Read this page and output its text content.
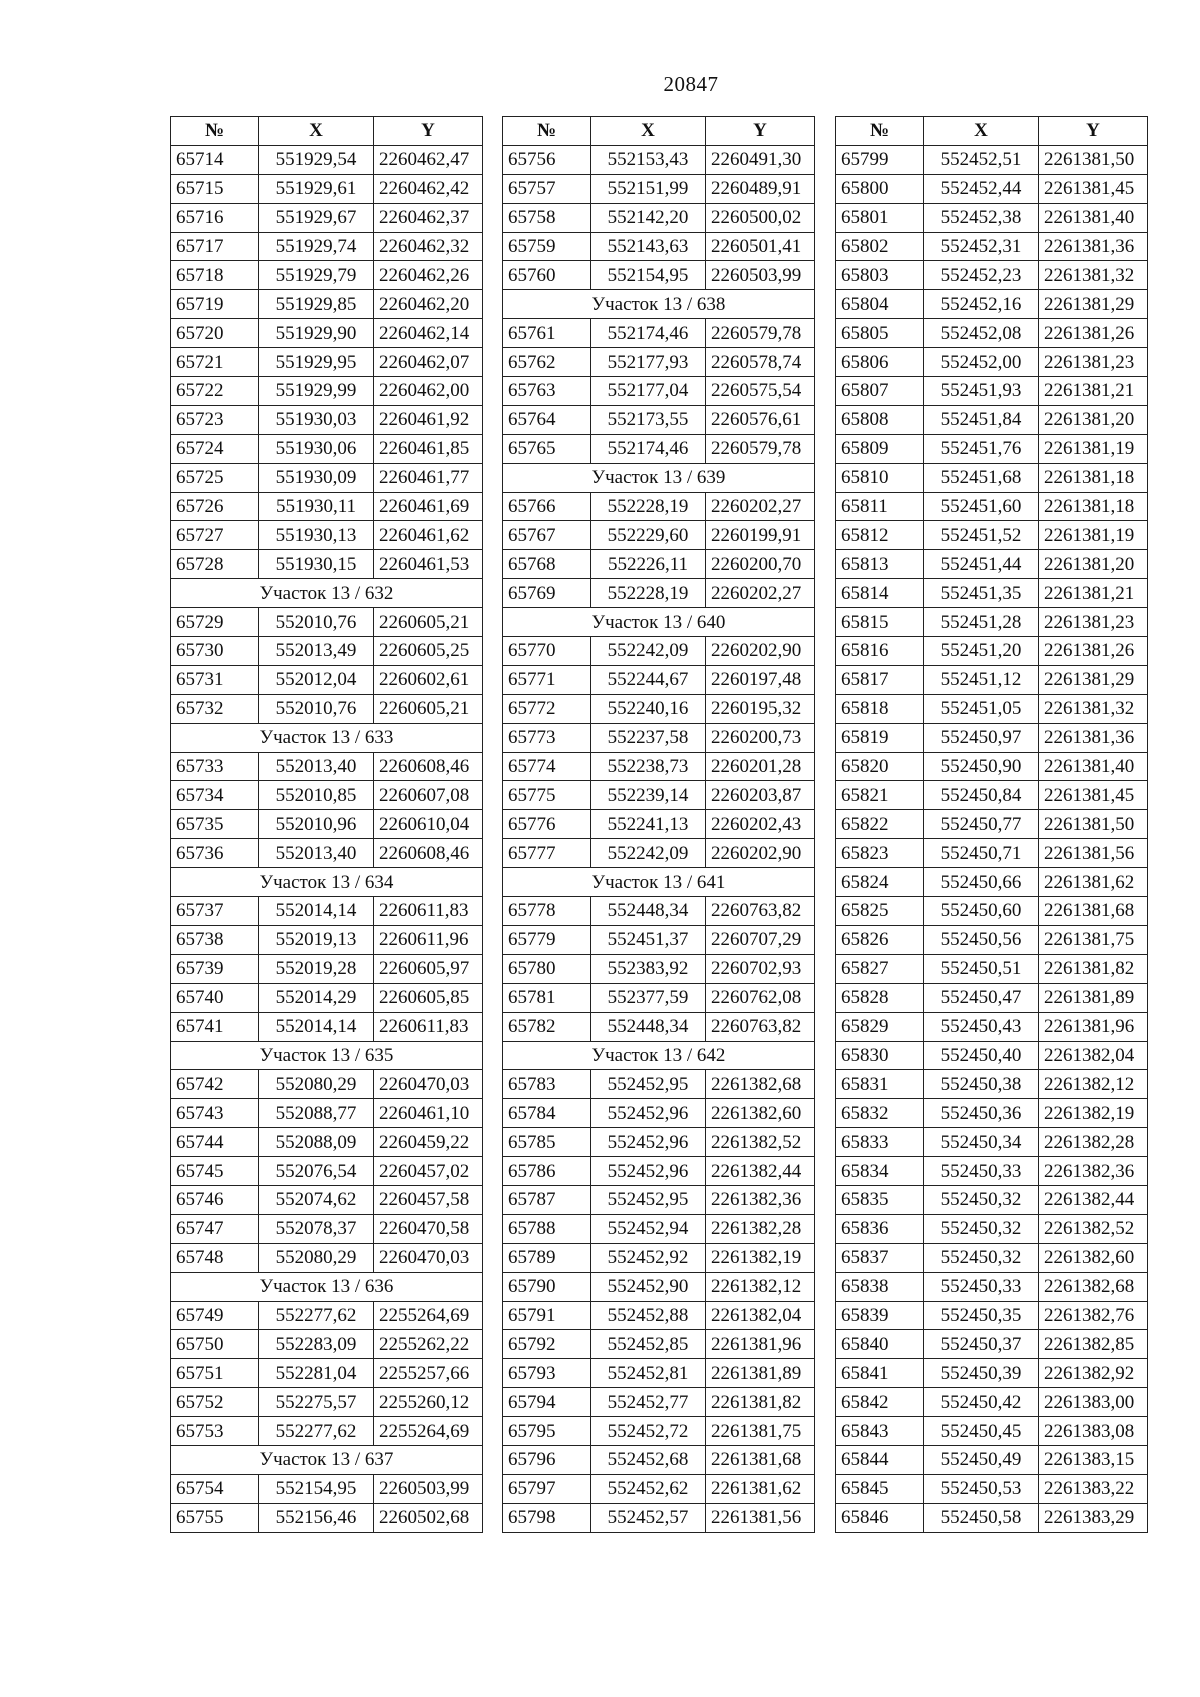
20847
№	X	Y
65714	551929,54	2260462,47
65715	551929,61	2260462,42
65716	551929,67	2260462,37
65717	551929,74	2260462,32
65718	551929,79	2260462,26
65719	551929,85	2260462,20
65720	551929,90	2260462,14
65721	551929,95	2260462,07
65722	551929,99	2260462,00
65723	551930,03	2260461,92
65724	551930,06	2260461,85
65725	551930,09	2260461,77
65726	551930,11	2260461,69
65727	551930,13	2260461,62
65728	551930,15	2260461,53
Участок 13 / 632		
65729	552010,76	2260605,21
65730	552013,49	2260605,25
65731	552012,04	2260602,61
65732	552010,76	2260605,21
Участок 13 / 633		
65733	552013,40	2260608,46
65734	552010,85	2260607,08
65735	552010,96	2260610,04
65736	552013,40	2260608,46
Участок 13 / 634		
65737	552014,14	2260611,83
65738	552019,13	2260611,96
65739	552019,28	2260605,97
65740	552014,29	2260605,85
65741	552014,14	2260611,83
Участок 13 / 635		
65742	552080,29	2260470,03
65743	552088,77	2260461,10
65744	552088,09	2260459,22
65745	552076,54	2260457,02
65746	552074,62	2260457,58
65747	552078,37	2260470,58
65748	552080,29	2260470,03
Участок 13 / 636		
65749	552277,62	2255264,69
65750	552283,09	2255262,22
65751	552281,04	2255257,66
65752	552275,57	2255260,12
65753	552277,62	2255264,69
Участок 13 / 637		
65754	552154,95	2260503,99
65755	552156,46	2260502,68
№	X	Y
65756	552153,43	2260491,30
65757	552151,99	2260489,91
65758	552142,20	2260500,02
65759	552143,63	2260501,41
65760	552154,95	2260503,99
Участок 13 / 638		
65761	552174,46	2260579,78
65762	552177,93	2260578,74
65763	552177,04	2260575,54
65764	552173,55	2260576,61
65765	552174,46	2260579,78
Участок 13 / 639		
65766	552228,19	2260202,27
65767	552229,60	2260199,91
65768	552226,11	2260200,70
65769	552228,19	2260202,27
Участок 13 / 640		
65770	552242,09	2260202,90
65771	552244,67	2260197,48
65772	552240,16	2260195,32
65773	552237,58	2260200,73
65774	552238,73	2260201,28
65775	552239,14	2260203,87
65776	552241,13	2260202,43
65777	552242,09	2260202,90
Участок 13 / 641		
65778	552448,34	2260763,82
65779	552451,37	2260707,29
65780	552383,92	2260702,93
65781	552377,59	2260762,08
65782	552448,34	2260763,82
Участок 13 / 642		
65783	552452,95	2261382,68
65784	552452,96	2261382,60
65785	552452,96	2261382,52
65786	552452,96	2261382,44
65787	552452,95	2261382,36
65788	552452,94	2261382,28
65789	552452,92	2261382,19
65790	552452,90	2261382,12
65791	552452,88	2261382,04
65792	552452,85	2261381,96
65793	552452,81	2261381,89
65794	552452,77	2261381,82
65795	552452,72	2261381,75
65796	552452,68	2261381,68
65797	552452,62	2261381,62
65798	552452,57	2261381,56
№	X	Y
65799	552452,51	2261381,50
65800	552452,44	2261381,45
65801	552452,38	2261381,40
65802	552452,31	2261381,36
65803	552452,23	2261381,32
65804	552452,16	2261381,29
65805	552452,08	2261381,26
65806	552452,00	2261381,23
65807	552451,93	2261381,21
65808	552451,84	2261381,20
65809	552451,76	2261381,19
65810	552451,68	2261381,18
65811	552451,60	2261381,18
65812	552451,52	2261381,19
65813	552451,44	2261381,20
65814	552451,35	2261381,21
65815	552451,28	2261381,23
65816	552451,20	2261381,26
65817	552451,12	2261381,29
65818	552451,05	2261381,32
65819	552450,97	2261381,36
65820	552450,90	2261381,40
65821	552450,84	2261381,45
65822	552450,77	2261381,50
65823	552450,71	2261381,56
65824	552450,66	2261381,62
65825	552450,60	2261381,68
65826	552450,56	2261381,75
65827	552450,51	2261381,82
65828	552450,47	2261381,89
65829	552450,43	2261381,96
65830	552450,40	2261382,04
65831	552450,38	2261382,12
65832	552450,36	2261382,19
65833	552450,34	2261382,28
65834	552450,33	2261382,36
65835	552450,32	2261382,44
65836	552450,32	2261382,52
65837	552450,32	2261382,60
65838	552450,33	2261382,68
65839	552450,35	2261382,76
65840	552450,37	2261382,85
65841	552450,39	2261382,92
65842	552450,42	2261383,00
65843	552450,45	2261383,08
65844	552450,49	2261383,15
65845	552450,53	2261383,22
65846	552450,58	2261383,29
